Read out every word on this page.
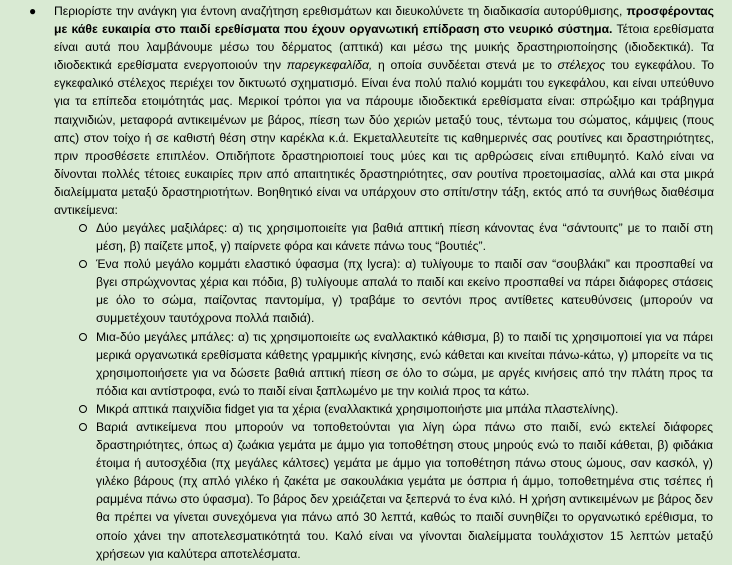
● Περιορίστε την ανάγκη για έντονη αναζήτηση ερεθισμάτων και διευκολύνετε τη διαδικασία αυτορύθμισης, προσφέροντας με κάθε ευκαιρία στο παιδί ερεθίσματα που έχουν οργανωτική επίδραση στο νευρικό σύστημα. Τέτοια ερεθίσματα είναι αυτά που λαμβάνουμε μέσω του δέρματος (απτικά) και μέσω της μυικής δραστηριοποίησης (ιδιοδεκτικά). Τα ιδιοδεκτικά ερεθίσματα ενεργοποιούν την παρεγκεφαλίδα, η οποία συνδέεται στενά με το στέλεχος του εγκεφάλου. Το εγκεφαλικό στέλεχος περιέχει τον δικτυωτό σχηματισμό. Είναι ένα πολύ παλιό κομμάτι του εγκεφάλου, και είναι υπεύθυνο για τα επίπεδα ετοιμότητάς μας. Μερικοί τρόποι για να πάρουμε ιδιοδεκτικά ερεθίσματα είναι: σπρώξιμο και τράβηγμα παιχνιδιών, μεταφορά αντικειμένων με βάρος, πίεση των δύο χεριών μεταξύ τους, τέντωμα του σώματος, κάμψεις (πους απς) στον τοίχο ή σε καθιστή θέση στην καρέκλα κ.ά. Εκμεταλλευτείτε τις καθημερινές σας ρουτίνες και δραστηριότητες, πριν προσθέσετε επιπλέον. Οπιδήποτε δραστηριοποιεί τους μύες και τις αρθρώσεις είναι επιθυμητό. Καλό είναι να δίνονται πολλές τέτοιες ευκαιρίες πριν από απαιτητικές δραστηριότητες, σαν ρουτίνα προετοιμασίας, αλλά και στα μικρά διαλείμματα μεταξύ δραστηριοτήτων. Βοηθητικό είναι να υπάρχουν στο σπίτι/στην τάξη, εκτός από τα συνήθως διαθέσιμα αντικείμενα:

Δύο μεγάλες μαξιλάρες: α) τις χρησιμοποιείτε για βαθιά απτική πίεση κάνοντας ένα “σάντουιτς” με το παιδί στη μέση, β) παίζετε μποξ, γ) παίρνετε φόρα και κάνετε πάνω τους “βουτιές”.

Ένα πολύ μεγάλο κομμάτι ελαστικό ύφασμα (πχ lycra): α) τυλίγουμε το παιδί σαν “σουβλάκι” και προσπαθεί να βγει σπρώχνοντας χέρια και πόδια, β) τυλίγουμε απαλά το παιδί και εκείνο προσπαθεί να πάρει διάφορες στάσεις με όλο το σώμα, παίζοντας παντομίμα, γ) τραβάμε το σεντόνι προς αντίθετες κατευθύνσεις (μπορούν να συμμετέχουν ταυτόχρονα πολλά παιδιά).

Μια-δύο μεγάλες μπάλες: α) τις χρησιμοποιείτε ως εναλλακτικό κάθισμα, β) το παιδί τις χρησιμοποιεί για να πάρει μερικά οργανωτικά ερεθίσματα κάθετης γραμμικής κίνησης, ενώ κάθεται και κινείται πάνω-κάτω, γ) μπορείτε να τις χρησιμοποιήσετε για να δώσετε βαθιά απτική πίεση σε όλο το σώμα, με αργές κινήσεις από την πλάτη προς τα πόδια και αντίστροφα, ενώ το παιδί είναι ξαπλωμένο με την κοιλιά προς τα κάτω.

Μικρά απτικά παιχνίδια fidget για τα χέρια (εναλλακτικά χρησιμοποιήστε μια μπάλα πλαστελίνης).

Βαριά αντικείμενα που μπορούν να τοποθετούνται για λίγη ώρα πάνω στο παιδί, ενώ εκτελεί διάφορες δραστηριότητες, όπως α) ζωάκια γεμάτα με άμμο για τοποθέτηση στους μηρούς ενώ το παιδί κάθεται, β) φιδάκια έτοιμα ή αυτοσχέδια (πχ μεγάλες κάλτσες) γεμάτα με άμμο για τοποθέτηση πάνω στους ώμους, σαν κασκόλ, γ) γιλέκο βάρους (πχ απλό γιλέκο ή ζακέτα με σακουλάκια γεμάτα με όσπρια ή άμμο, τοποθετημένα στις τσέπες ή ραμμένα πάνω στο ύφασμα). Το βάρος δεν χρειάζεται να ξεπερνά το ένα κιλό. Η χρήση αντικειμένων με βάρος δεν θα πρέπει να γίνεται συνεχόμενα για πάνω από 30 λεπτά, καθώς το παιδί συνηθίζει το οργανωτικό ερέθισμα, το οποίο χάνει την αποτελεσματικότητά του. Καλό είναι να γίνονται διαλείμματα τουλάχιστον 15 λεπτών μεταξύ χρήσεων για καλύτερα αποτελέσματα.
